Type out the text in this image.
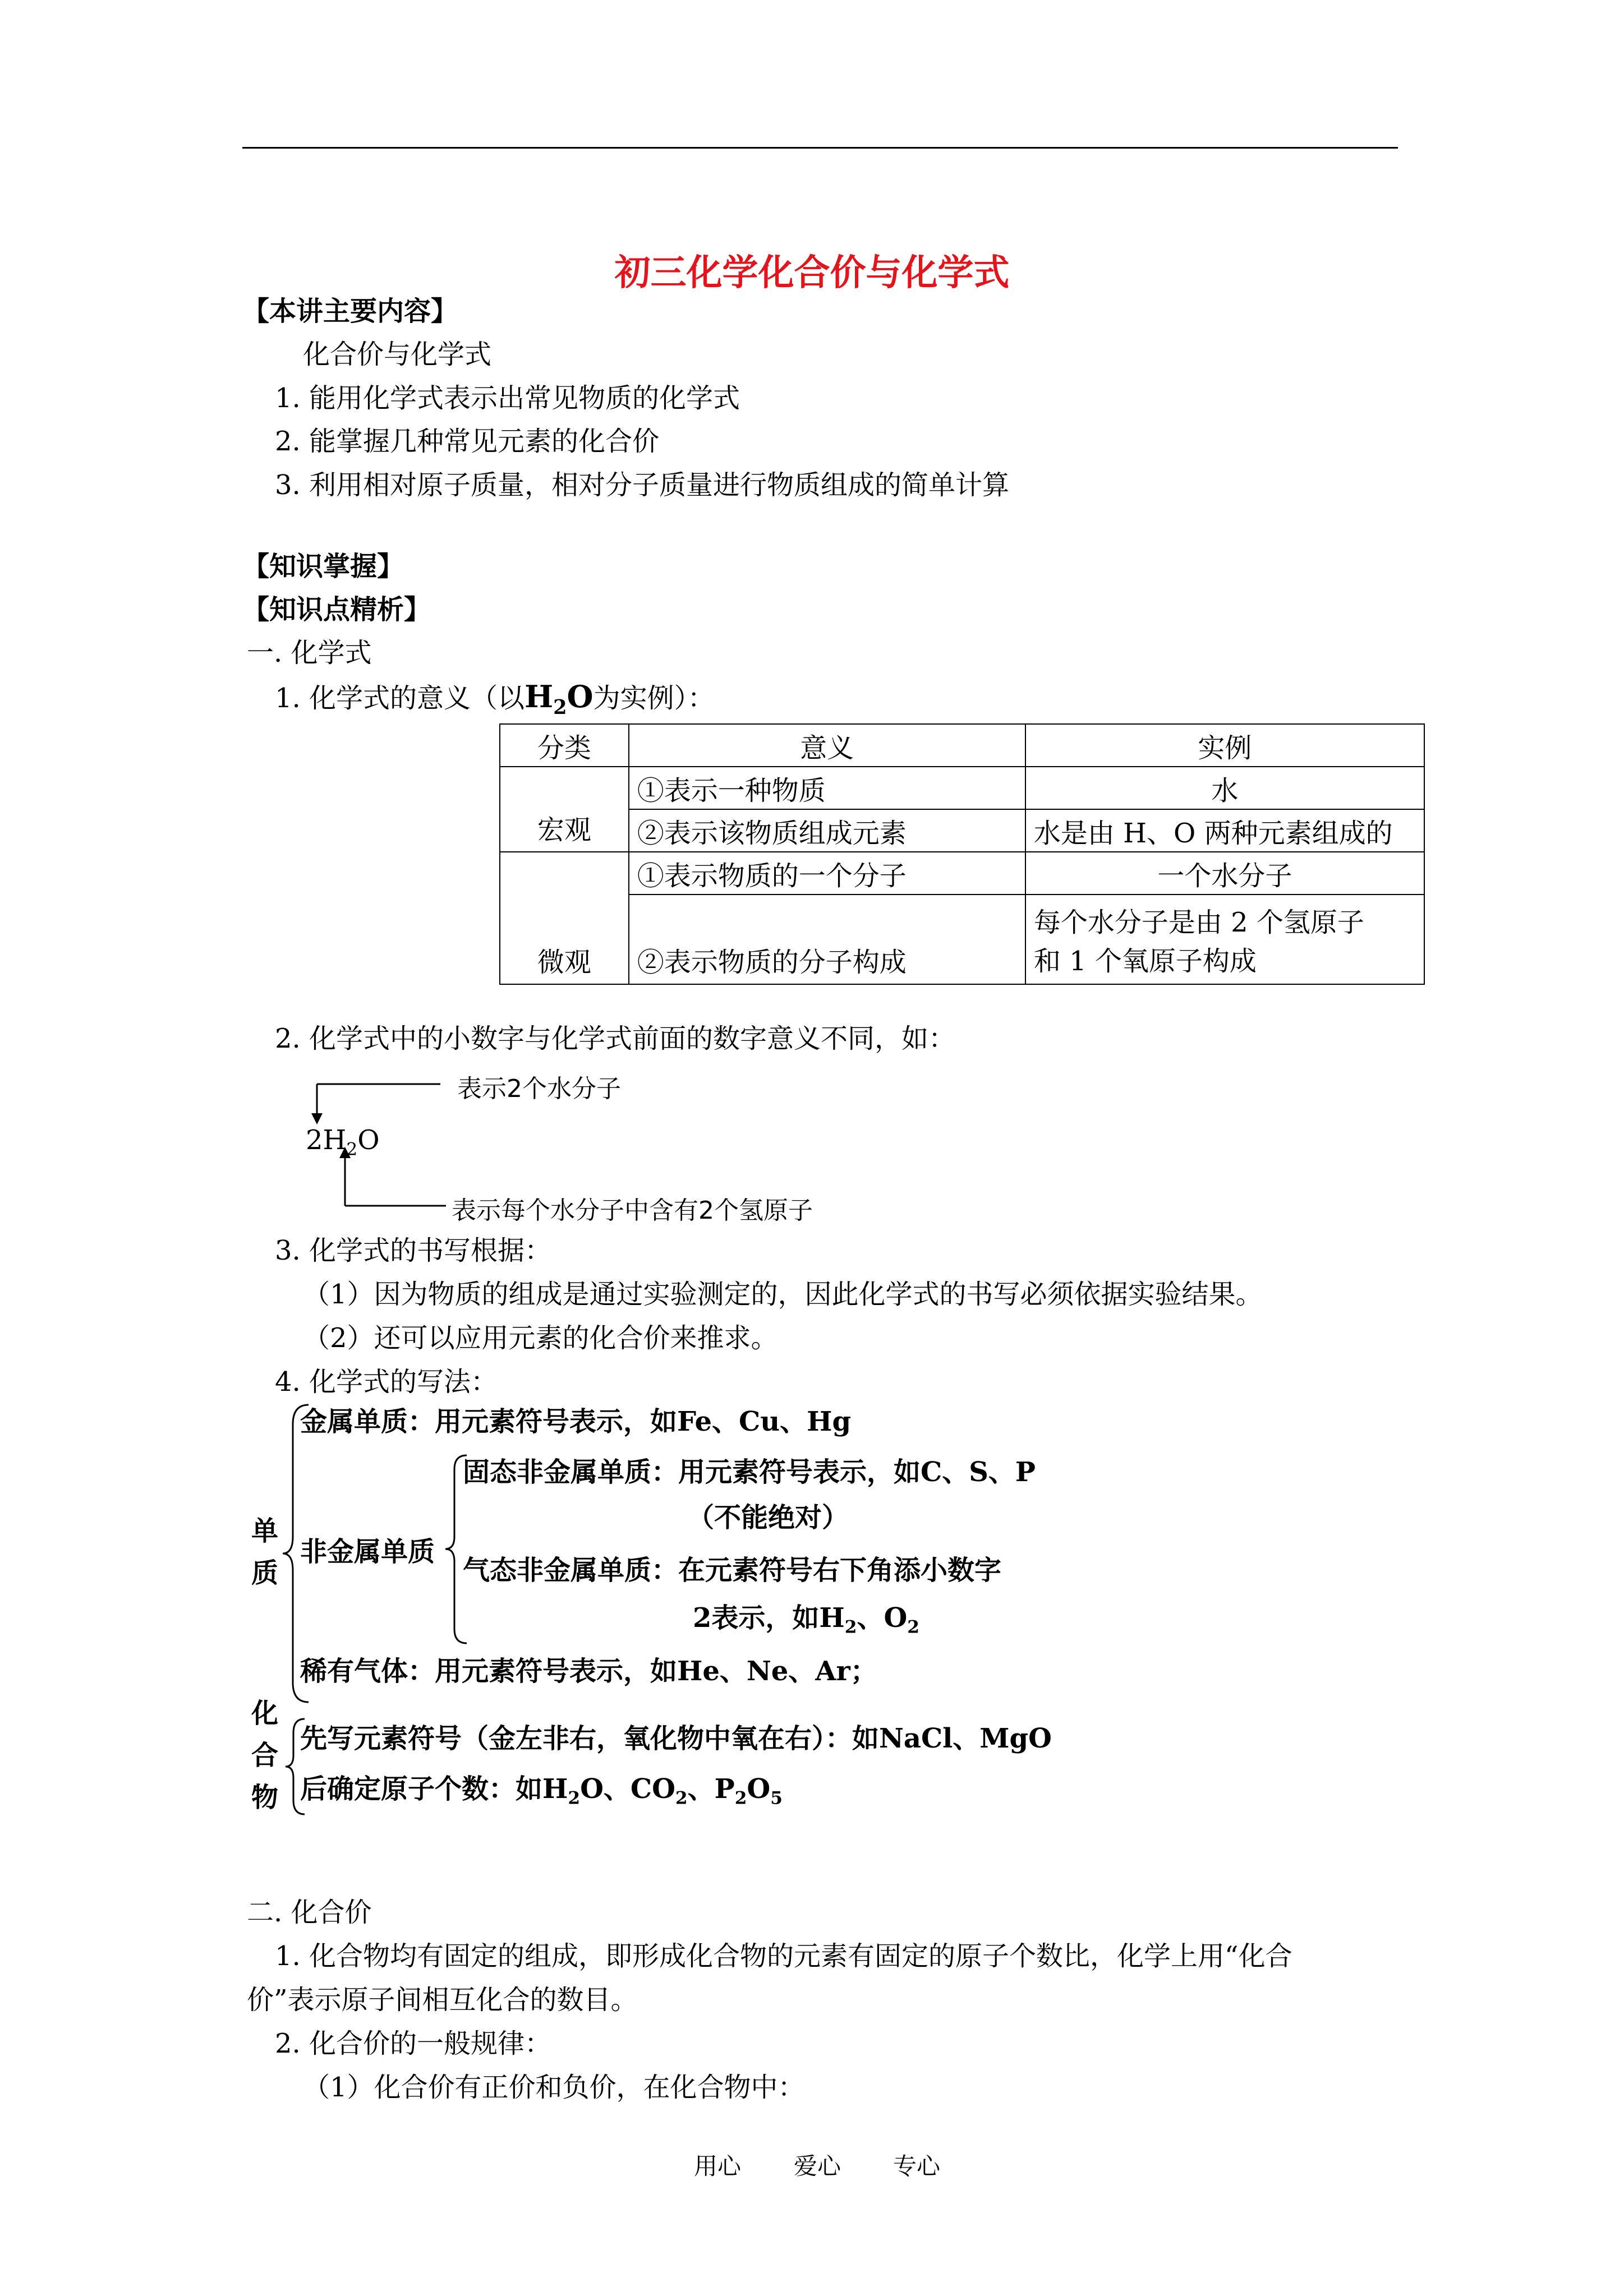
初三化学化合价与化学式
【本讲主要内容】
化合价与化学式
1. 能用化学式表示出常见物质的化学式
2. 能掌握几种常见元素的化合价
3. 利用相对原子质量，相对分子质量进行物质组成的简单计算
【知识掌握】
【知识点精析】
一. 化学式
1. 化学式的意义（以$H_2O$为实例）：
分类	意义	实例
宏观	①表示一种物质	水
	②表示该物质组成元素	水是由 H、O 两种元素组成的
微观	①表示物质的一个分子	一个水分子
	②表示物质的分子构成	每个水分子是由 2 个氢原子
和 1 个氧原子构成
2. 化学式中的小数字与化学式前面的数字意义不同，如：
表示2个水分子
$2H_2O$
表示每个水分子中含有2个氢原子
3. 化学式的书写根据：
（1）因为物质的组成是通过实验测定的，因此化学式的书写必须依据实验结果。
（2）还可以应用元素的化合价来推求。
4. 化学式的写法：
单
质
金属单质：用元素符号表示，如Fe、Cu、Hg
非金属单质
固态非金属单质：用元素符号表示，如C、S、P
（不能绝对）
气态非金属单质：在元素符号右下角添小数字
2表示，如$H_2$、$O_2$
稀有气体：用元素符号表示，如He、Ne、Ar；
化
合
物
先写元素符号（金左非右，氧化物中氧在右）：如NaCl、MgO
后确定原子个数：如$H_2O$、$CO_2$、$P_2O_5$
二. 化合价
1. 化合物均有固定的组成，即形成化合物的元素有固定的原子个数比，化学上用“化合
价”表示原子间相互化合的数目。
2. 化合价的一般规律：
（1）化合价有正价和负价，在化合物中：
用心 爱心 专心
